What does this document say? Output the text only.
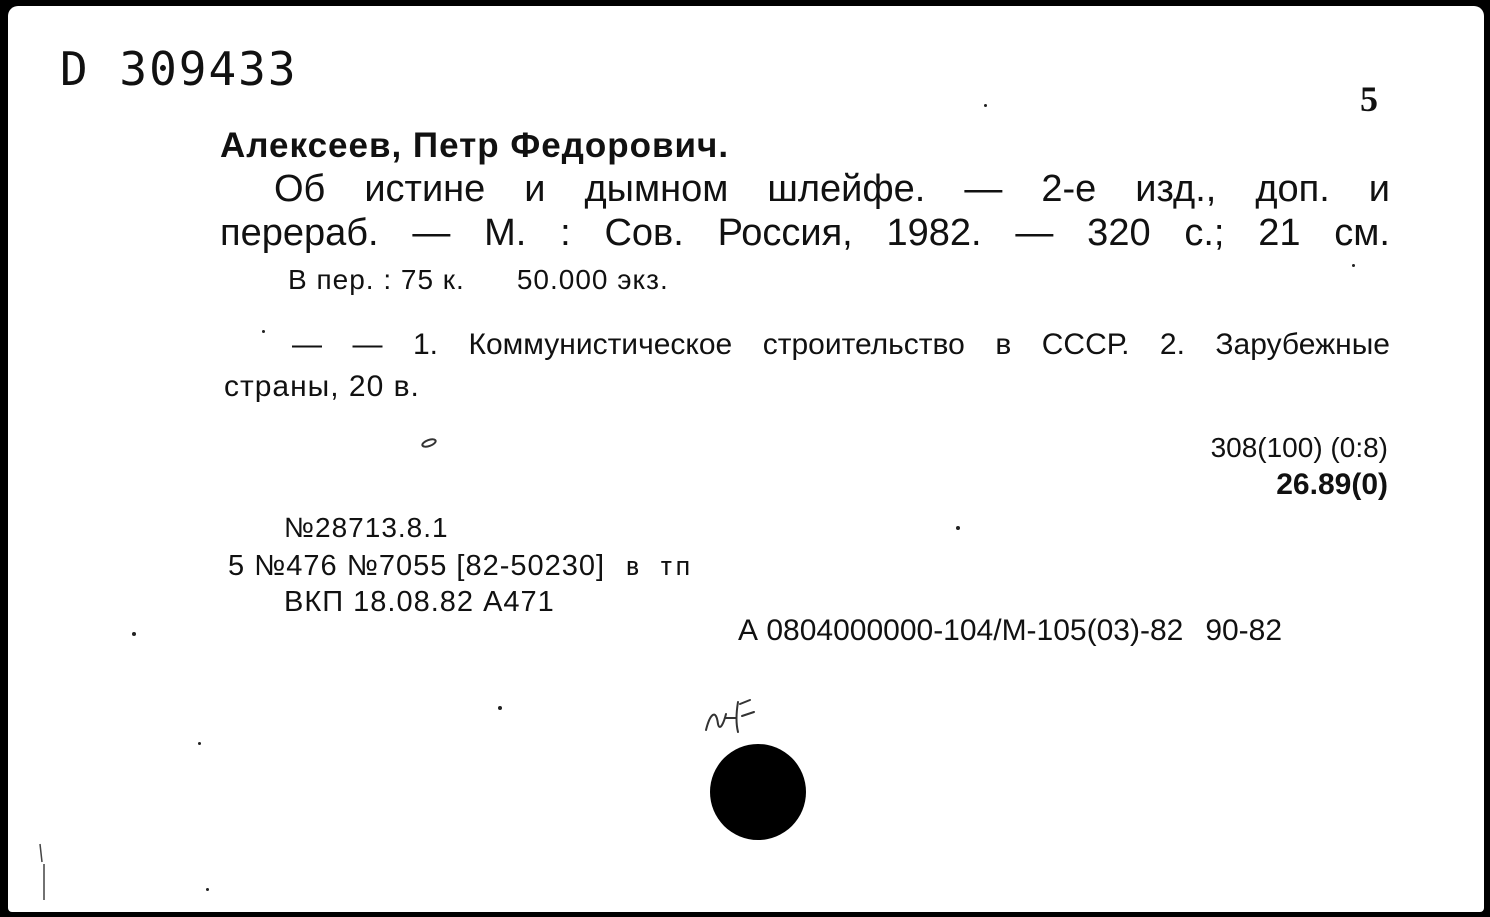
D 309433
5
Алексеев, Петр Федорович.
Об истине и дымном шлейфе. — 2-е изд., доп. и
перераб. — М. : Сов. Россия, 1982. — 320 с.; 21 см.
В пер. : 75 к. 50.000 экз.
— — 1. Коммунистическое строительство в СССР. 2. Зарубежные
страны, 20 в.
308(100) (0:8)
26.89(0)
№28713.8.1
5 №476 №7055 [82-50230] в тп
ВКП 18.08.82 А471
А 0804000000-104/М-105(03)-82 90-82
